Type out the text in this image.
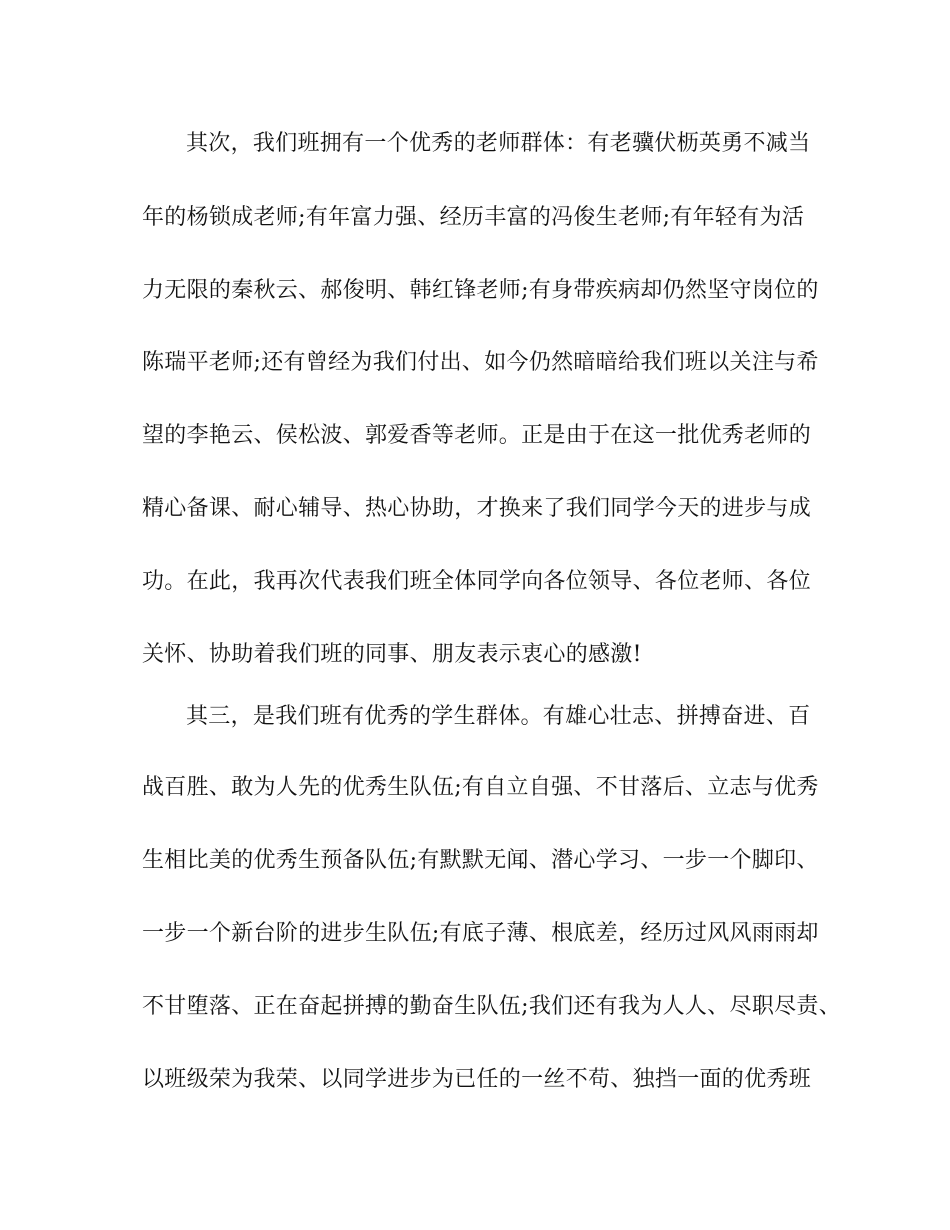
其次，我们班拥有一个优秀的老师群体：有老骥伏枥英勇不减当
年的杨锁成老师;有年富力强、经历丰富的冯俊生老师;有年轻有为活
力无限的秦秋云、郝俊明、韩红锋老师;有身带疾病却仍然坚守岗位的
陈瑞平老师;还有曾经为我们付出、如今仍然暗暗给我们班以关注与希
望的李艳云、侯松波、郭爱香等老师。正是由于在这一批优秀老师的
精心备课、耐心辅导、热心协助，才换来了我们同学今天的进步与成
功。在此，我再次代表我们班全体同学向各位领导、各位老师、各位
关怀、协助着我们班的同事、朋友表示衷心的感激!
其三，是我们班有优秀的学生群体。有雄心壮志、拼搏奋进、百
战百胜、敢为人先的优秀生队伍;有自立自强、不甘落后、立志与优秀
生相比美的优秀生预备队伍;有默默无闻、潜心学习、一步一个脚印、
一步一个新台阶的进步生队伍;有底子薄、根底差，经历过风风雨雨却
不甘堕落、正在奋起拼搏的勤奋生队伍;我们还有我为人人、尽职尽责、
以班级荣为我荣、以同学进步为已任的一丝不苟、独挡一面的优秀班
